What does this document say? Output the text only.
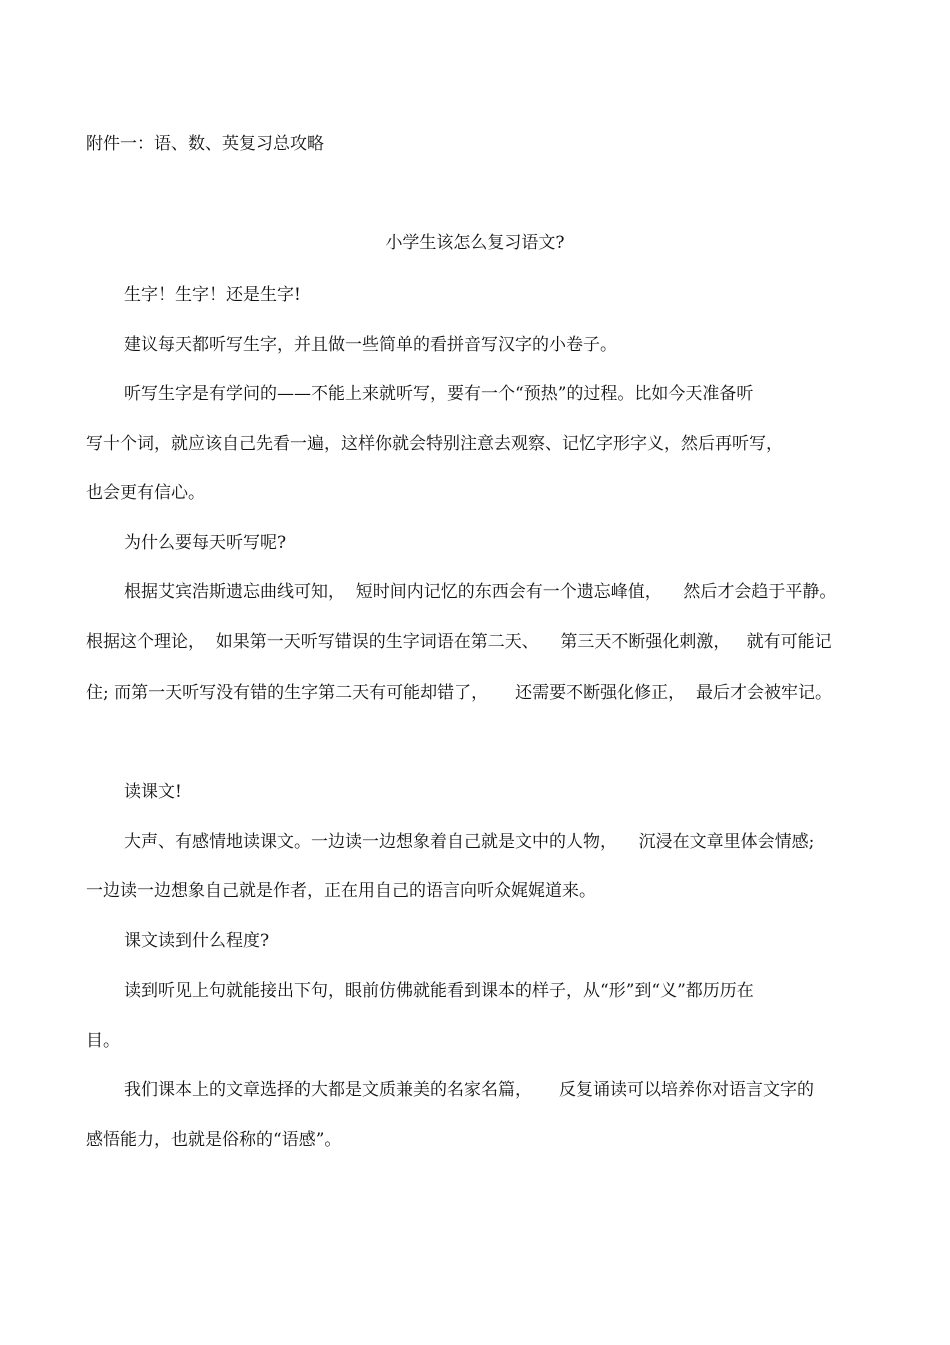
附件一：语、数、英复习总攻略

小学生该怎么复习语文?

生字！生字！还是生字!

建议每天都听写生字，并且做一些简单的看拼音写汉字的小卷子。

听写生字是有学问的——不能上来就听写，要有一个“预热”的过程。比如今天准备听

写十个词，就应该自己先看一遍，这样你就会特别注意去观察、记忆字形字义，然后再听写，

也会更有信心。

为什么要每天听写呢?

根据艾宾浩斯遗忘曲线可知，  短时间内记忆的东西会有一个遗忘峰值，    然后才会趋于平静。

根据这个理论，  如果第一天听写错误的生字词语在第二天、    第三天不断强化刺激，   就有可能记

住; 而第一天听写没有错的生字第二天有可能却错了，     还需要不断强化修正，  最后才会被牢记。

读课文!

大声、有感情地读课文。一边读一边想象着自己就是文中的人物，    沉浸在文章里体会情感;

一边读一边想象自己就是作者，正在用自己的语言向听众娓娓道来。

课文读到什么程度?

读到听见上句就能接出下句，眼前仿佛就能看到课本的样子，从“形”到“义”都历历在

目。

我们课本上的文章选择的大都是文质兼美的名家名篇，     反复诵读可以培养你对语言文字的

感悟能力，也就是俗称的“语感”。
